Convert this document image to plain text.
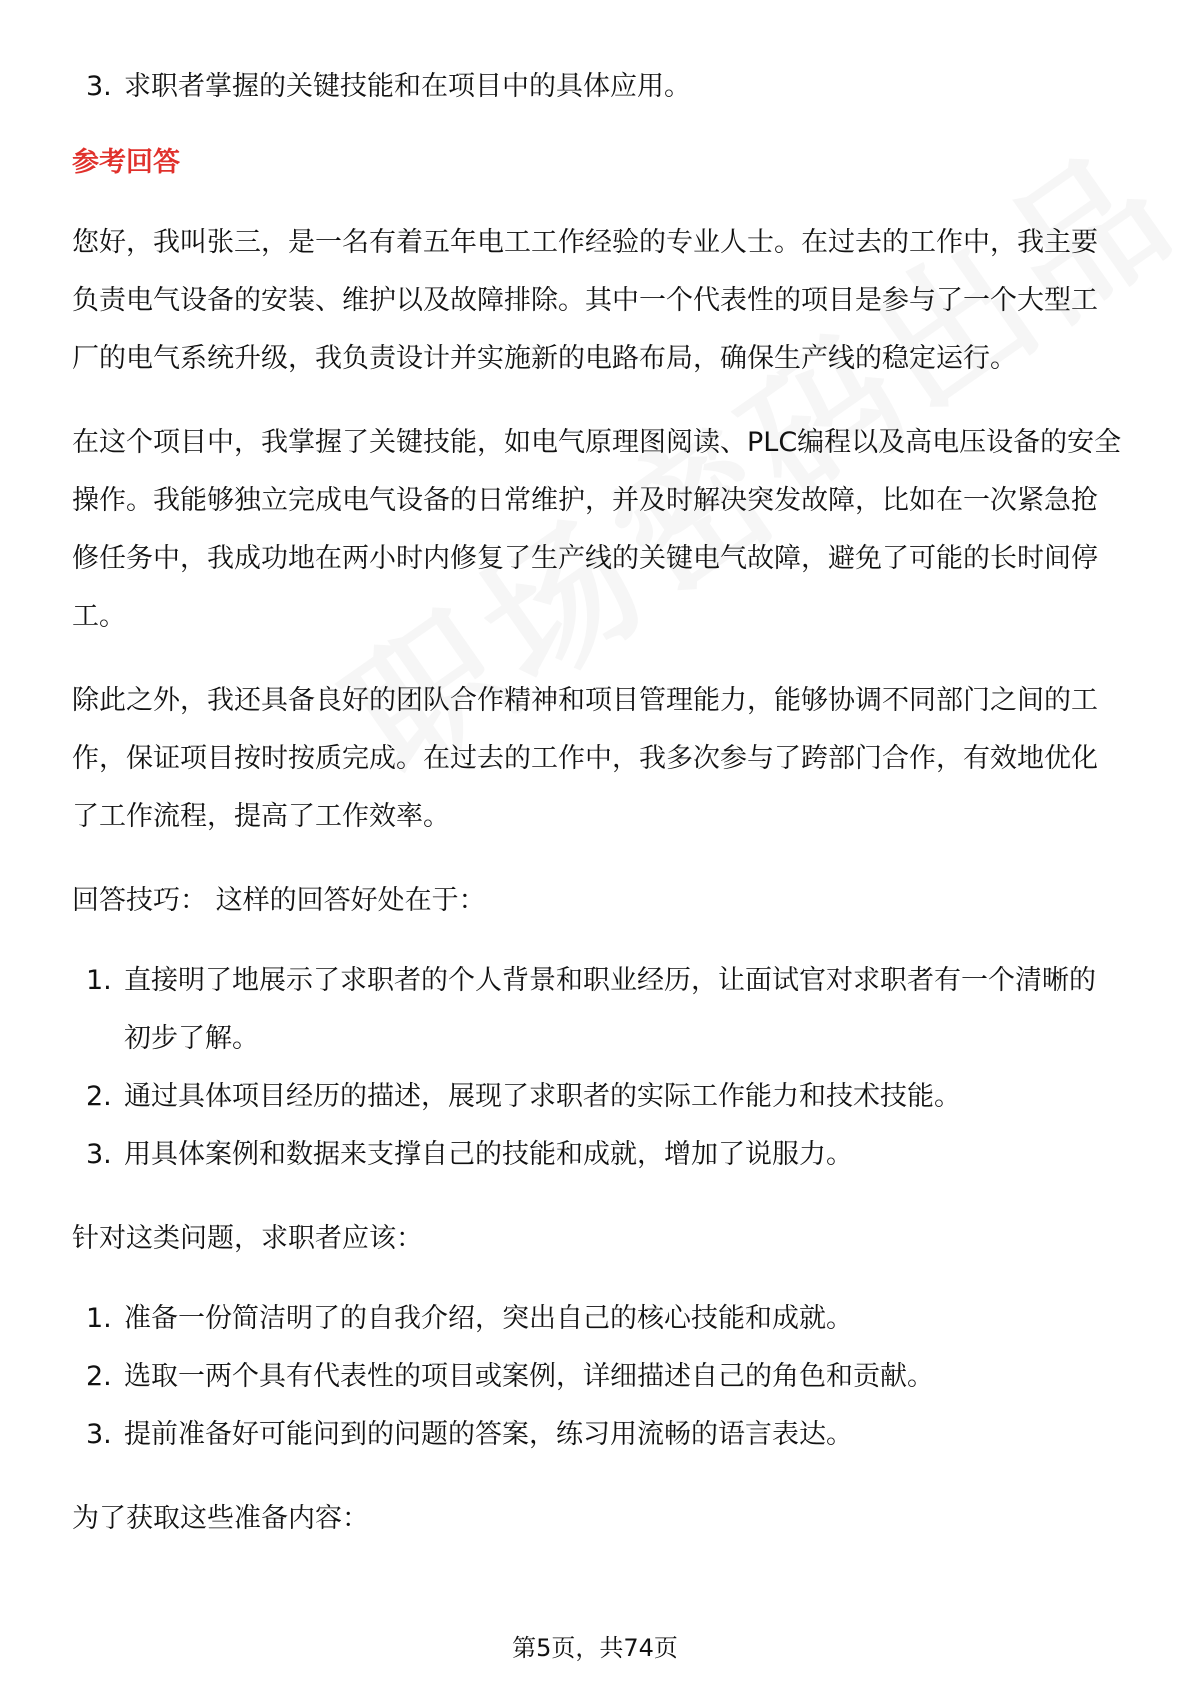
3. 求职者掌握的关键技能和在项目中的具体应用。
参考回答

您好，我叫张三，是一名有着五年电工工作经验的专业人士。在过去的工作中，我主要负责电气设备的安装、维护以及故障排除。其中一个代表性的项目是参与了一个大型工厂的电气系统升级，我负责设计并实施新的电路布局，确保生产线的稳定运行。

在这个项目中，我掌握了关键技能，如电气原理图阅读、PLC编程以及高电压设备的安全操作。我能够独立完成电气设备的日常维护，并及时解决突发故障，比如在一次紧急抢修任务中，我成功地在两小时内修复了生产线的关键电气故障，避免了可能的长时间停工。

除此之外，我还具备良好的团队合作精神和项目管理能力，能够协调不同部门之间的工作，保证项目按时按质完成。在过去的工作中，我多次参与了跨部门合作，有效地优化了工作流程，提高了工作效率。

回答技巧： 这样的回答好处在于：

1. 直接明了地展示了求职者的个人背景和职业经历，让面试官对求职者有一个清晰的初步了解。
2. 通过具体项目经历的描述，展现了求职者的实际工作能力和技术技能。
3. 用具体案例和数据来支撑自己的技能和成就，增加了说服力。

针对这类问题，求职者应该：

1. 准备一份简洁明了的自我介绍，突出自己的核心技能和成就。
2. 选取一两个具有代表性的项目或案例，详细描述自己的角色和贡献。
3. 提前准备好可能问到的问题的答案，练习用流畅的语言表达。

为了获取这些准备内容：

第5页，共74页
